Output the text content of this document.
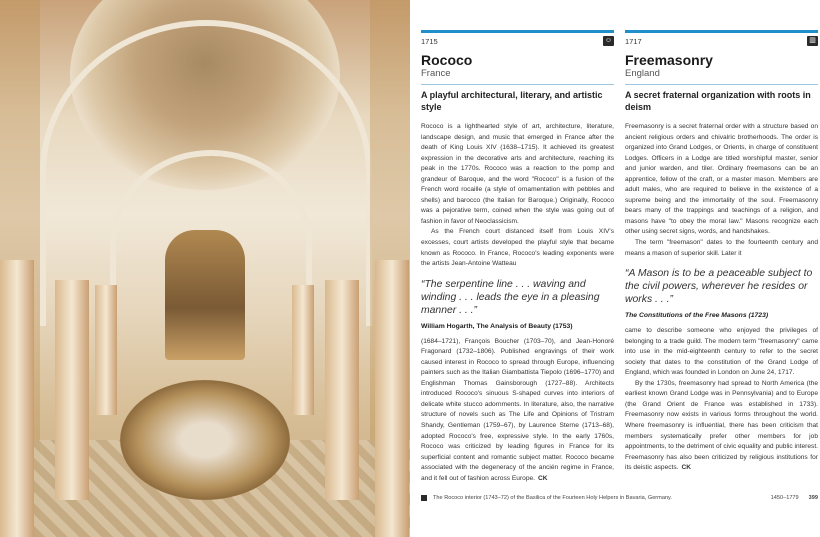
1715	☺
Rococo
France
A playful architectural, literary, and artistic style

Rococo is a lighthearted style of art, architecture, literature, landscape design, and music that emerged in France after the death of King Louis XIV (1638–1715). It achieved its greatest expression in the decorative arts and architecture, reaching its peak in the 1770s. Rococo was a reaction to the pomp and grandeur of Baroque, and the word "Rococo" is a fusion of the French word rocaille (a style of ornamentation with pebbles and shells) and barocco (the Italian for Baroque.) Originally, Rococo was a pejorative term, coined when the style was going out of fashion in favor of Neoclassicism.

As the French court distanced itself from Louis XIV's excesses, court artists developed the playful style that became known as Rococo. In France, Rococo's leading exponents were the artists Jean-Antoine Watteau

“The serpentine line . . . waving and winding . . . leads the eye in a pleasing manner . . .”
William Hogarth, The Analysis of Beauty (1753)

(1684–1721), François Boucher (1703–70), and Jean-Honoré Fragonard (1732–1806). Published engravings of their work caused interest in Rococo to spread through Europe, influencing painters such as the Italian Giambattista Tiepolo (1696–1770) and Englishman Thomas Gainsborough (1727–88). Architects introduced Rococo's sinuous S-shaped curves into interiors of delicate white stucco adornments. In literature, also, the narrative structure of novels such as The Life and Opinions of Tristram Shandy, Gentleman (1759–67), by Laurence Sterne (1713–68), adopted Rococo's free, expressive style. In the early 1760s, Rococo was criticized by leading figures in France for its superficial content and romantic subject matter. Rococo became associated with the degeneracy of the ancién regime in France, and it fell out of fashion across Europe. CK

1717	▥
Freemasonry
England
A secret fraternal organization with roots in deism

Freemasonry is a secret fraternal order with a structure based on ancient religious orders and chivalric brotherhoods. The order is organized into Grand Lodges, or Orients, in charge of constituent Lodges. Officers in a Lodge are titled worshipful master, senior and junior warden, and tiler. Ordinary freemasons can be an apprentice, fellow of the craft, or a master mason. Members are adult males, who are required to believe in the existence of a supreme being and the immortality of the soul. Freemasonry bears many of the trappings and teachings of a religion, and masons have "to obey the moral law." Masons recognize each other using secret signs, words, and handshakes.

The term "freemason" dates to the fourteenth century and means a mason of superior skill. Later it

“A Mason is to be a peaceable subject to the civil powers, wherever he resides or works . . .”
The Constitutions of the Free Masons (1723)

came to describe someone who enjoyed the privileges of belonging to a trade guild. The modern term "freemasonry" came into use in the mid-eighteenth century to refer to the secret society that dates to the constitution of the Grand Lodge of England, which was founded in London on June 24, 1717.

By the 1730s, freemasonry had spread to North America (the earliest known Grand Lodge was in Pennsylvania) and to Europe (the Grand Orient de France was established in 1733). Freemasonry now exists in various forms throughout the world. Where freemasonry is influential, there has been criticism that members systematically prefer other members for job appointments, to the detriment of civic equality and public interest. Freemasonry has also been criticized by religious institutions for its deistic aspects. CK

The Rococo interior (1743–72) of the Basilica of the Fourteen Holy Helpers in Bavaria, Germany.	1450–1779 399
